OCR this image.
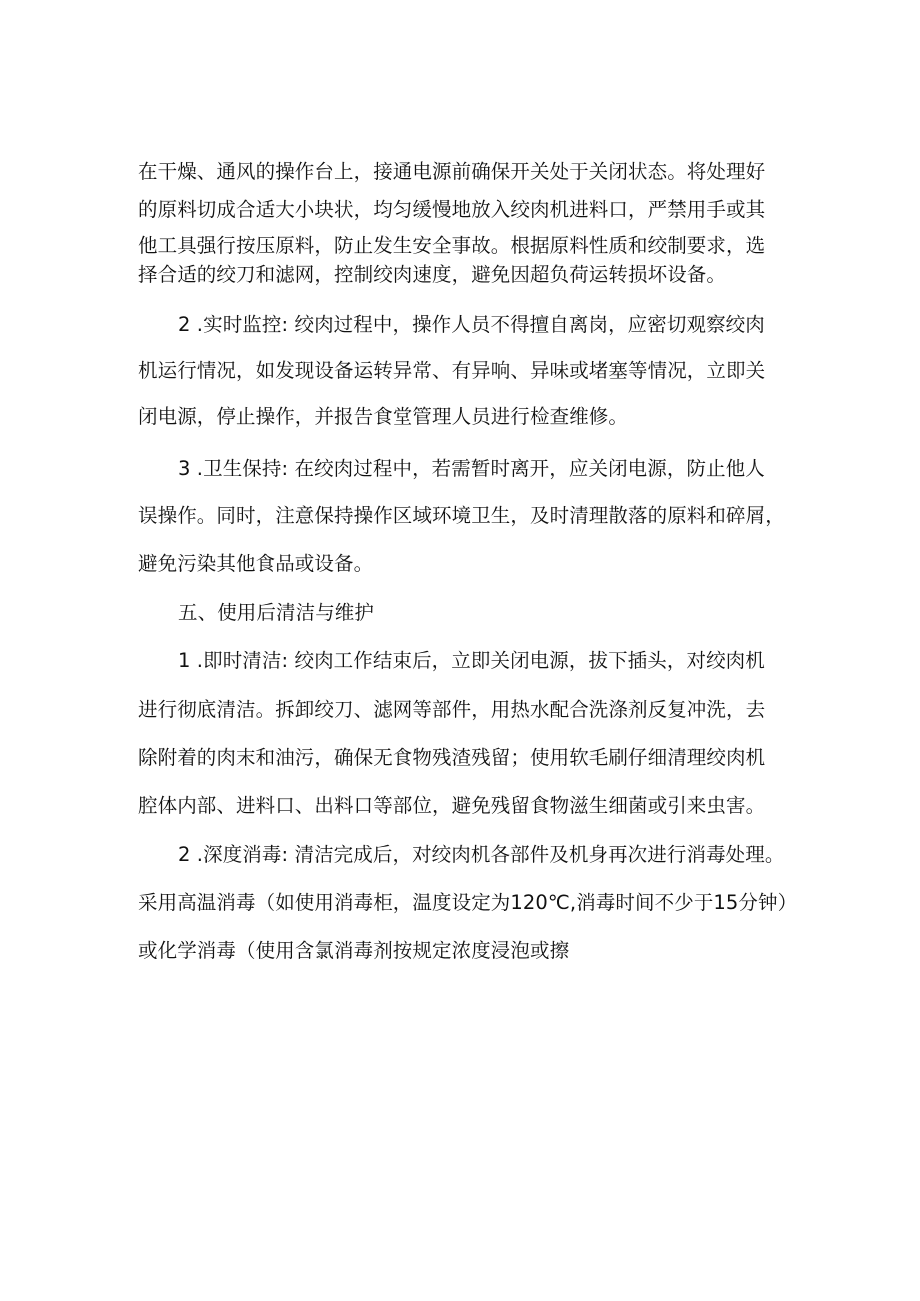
在干燥、通风的操作台上，接通电源前确保开关处于关闭状态。将处理好
的原料切成合适大小块状，均匀缓慢地放入绞肉机进料口，严禁用手或其
他工具强行按压原料，防止发生安全事故。根据原料性质和绞制要求，选
择合适的绞刀和滤网，控制绞肉速度，避免因超负荷运转损坏设备。
2 .实时监控: 绞肉过程中，操作人员不得擅自离岗，应密切观察绞肉
机运行情况，如发现设备运转异常、有异响、异味或堵塞等情况，立即关
闭电源，停止操作，并报告食堂管理人员进行检查维修。
3 .卫生保持: 在绞肉过程中，若需暂时离开，应关闭电源，防止他人
误操作。同时，注意保持操作区域环境卫生，及时清理散落的原料和碎屑，
避免污染其他食品或设备。
五、使用后清洁与维护
1 .即时清洁: 绞肉工作结束后，立即关闭电源，拔下插头，对绞肉机
进行彻底清洁。拆卸绞刀、滤网等部件，用热水配合洗涤剂反复冲洗，去
除附着的肉末和油污，确保无食物残渣残留；使用软毛刷仔细清理绞肉机
腔体内部、进料口、出料口等部位，避免残留食物滋生细菌或引来虫害。
2 .深度消毒: 清洁完成后，对绞肉机各部件及机身再次进行消毒处理。
采用高温消毒（如使用消毒柜，温度设定为120℃,消毒时间不少于15分钟）
或化学消毒（使用含氯消毒剂按规定浓度浸泡或擦
